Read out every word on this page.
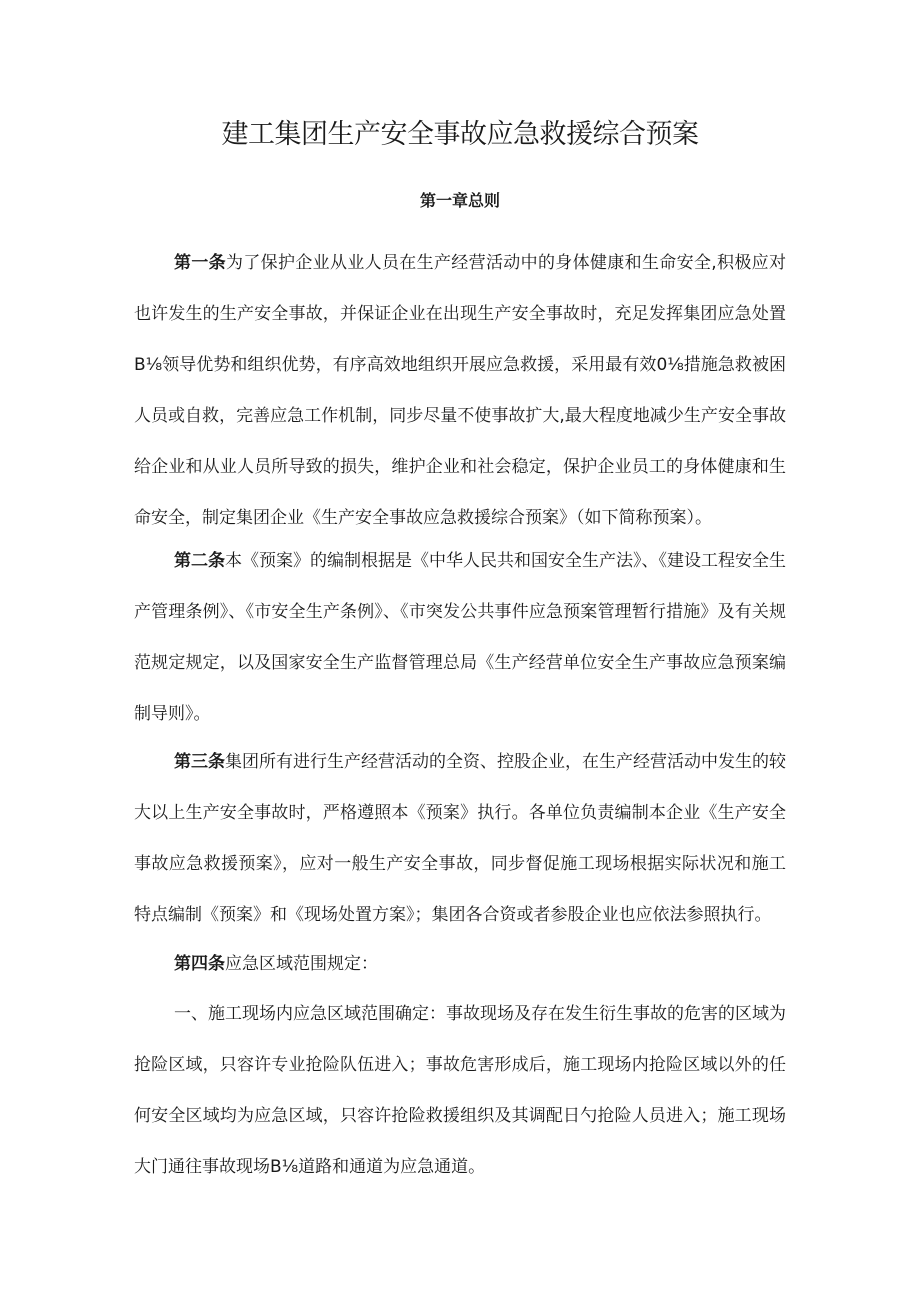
建工集团生产安全事故应急救援综合预案
第一章总则

第一条为了保护企业从业人员在生产经营活动中的身体健康和生命安全,积极应对也许发生的生产安全事故，并保证企业在出现生产安全事故时，充足发挥集团应急处置B⅛领导优势和组织优势，有序高效地组织开展应急救援，采用最有效0⅛措施急救被困人员或自救，完善应急工作机制，同步尽量不使事故扩大,最大程度地减少生产安全事故给企业和从业人员所导致的损失，维护企业和社会稳定，保护企业员工的身体健康和生命安全，制定集团企业《生产安全事故应急救援综合预案》（如下简称预案）。

第二条本《预案》的编制根据是《中华人民共和国安全生产法》、《建设工程安全生产管理条例》、《市安全生产条例》、《市突发公共事件应急预案管理暂行措施》及有关规范规定规定，以及国家安全生产监督管理总局《生产经营单位安全生产事故应急预案编制导则》。

第三条集团所有进行生产经营活动的全资、控股企业，在生产经营活动中发生的较大以上生产安全事故时，严格遵照本《预案》执行。各单位负责编制本企业《生产安全事故应急救援预案》，应对一般生产安全事故，同步督促施工现场根据实际状况和施工特点编制《预案》和《现场处置方案》；集团各合资或者参股企业也应依法参照执行。

第四条应急区域范围规定：

一、施工现场内应急区域范围确定：事故现场及存在发生衍生事故的危害的区域为抢险区域，只容许专业抢险队伍进入；事故危害形成后，施工现场内抢险区域以外的任何安全区域均为应急区域，只容许抢险救援组织及其调配日勺抢险人员进入；施工现场大门通往事故现场B⅛道路和通道为应急通道。
